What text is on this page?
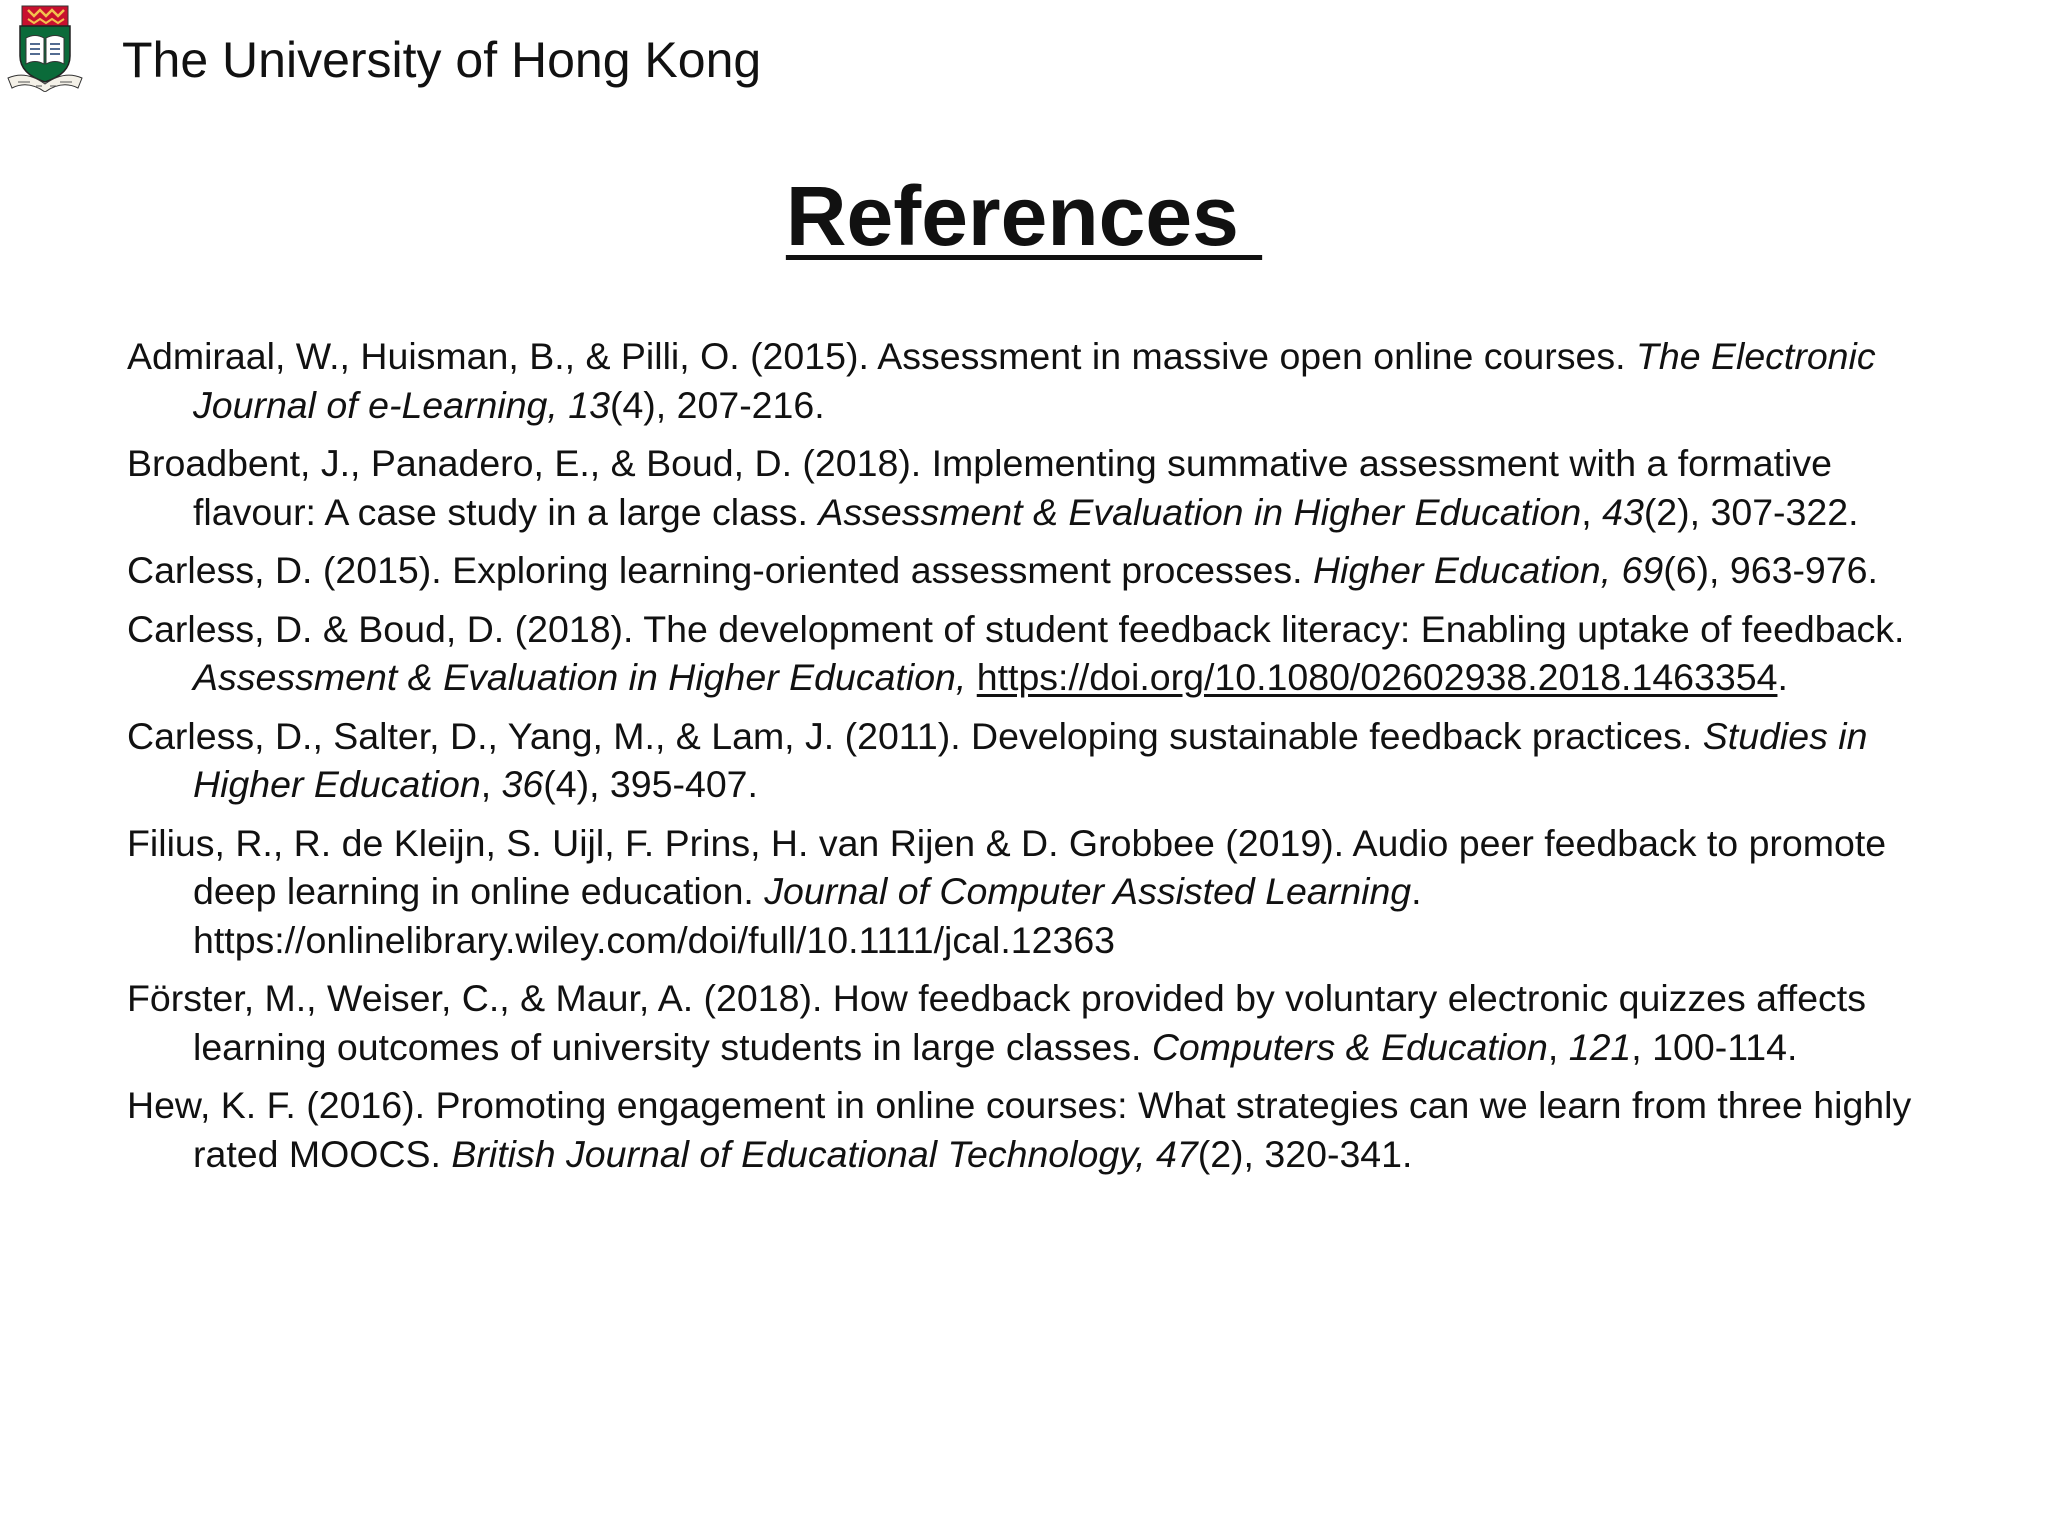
The University of Hong Kong
References
Admiraal, W., Huisman, B., & Pilli, O. (2015). Assessment in massive open online courses. The Electronic Journal of e-Learning, 13(4), 207-216.
Broadbent, J., Panadero, E., & Boud, D. (2018). Implementing summative assessment with a formative flavour: A case study in a large class. Assessment & Evaluation in Higher Education, 43(2), 307-322.
Carless, D. (2015). Exploring learning-oriented assessment processes. Higher Education, 69(6), 963-976.
Carless, D. & Boud, D. (2018). The development of student feedback literacy: Enabling uptake of feedback. Assessment & Evaluation in Higher Education, https://doi.org/10.1080/02602938.2018.1463354.
Carless, D., Salter, D., Yang, M., & Lam, J. (2011). Developing sustainable feedback practices. Studies in Higher Education, 36(4), 395-407.
Filius, R., R. de Kleijn, S. Uijl, F. Prins, H. van Rijen & D. Grobbee (2019). Audio peer feedback to promote deep learning in online education. Journal of Computer Assisted Learning. https://onlinelibrary.wiley.com/doi/full/10.1111/jcal.12363
Förster, M., Weiser, C., & Maur, A. (2018). How feedback provided by voluntary electronic quizzes affects learning outcomes of university students in large classes. Computers & Education, 121, 100-114.
Hew, K. F. (2016). Promoting engagement in online courses: What strategies can we learn from three highly rated MOOCS. British Journal of Educational Technology, 47(2), 320-341.
